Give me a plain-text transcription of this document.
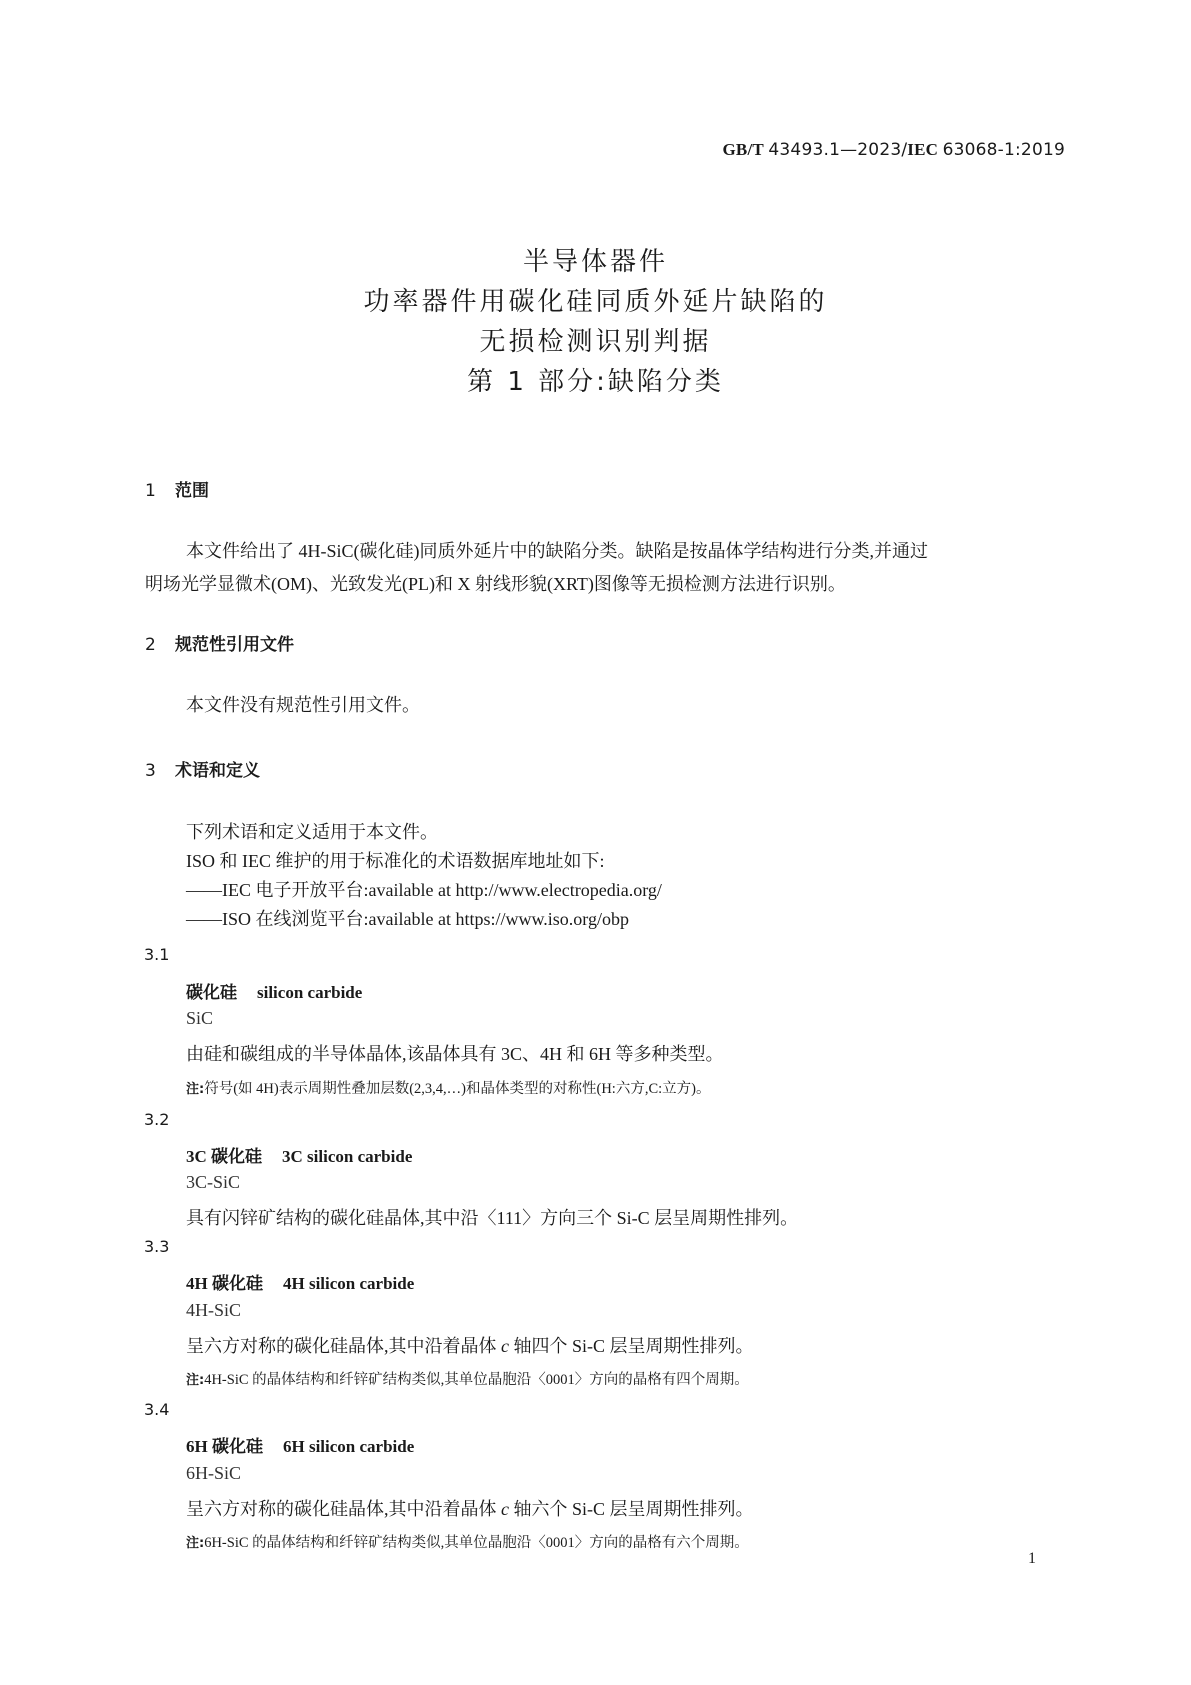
GB/T 43493.1—2023/IEC 63068-1:2019
半导体器件
功率器件用碳化硅同质外延片缺陷的
无损检测识别判据
第 1 部分:缺陷分类
1 范围
本文件给出了 4H-SiC(碳化硅)同质外延片中的缺陷分类。缺陷是按晶体学结构进行分类,并通过
明场光学显微术(OM)、光致发光(PL)和 X 射线形貌(XRT)图像等无损检测方法进行识别。
2 规范性引用文件
本文件没有规范性引用文件。
3 术语和定义
下列术语和定义适用于本文件。
ISO 和 IEC 维护的用于标准化的术语数据库地址如下:
——IEC 电子开放平台:available at http://www.electropedia.org/
——ISO 在线浏览平台:available at https://www.iso.org/obp
3.1
碳化硅 silicon carbide
SiC
由硅和碳组成的半导体晶体,该晶体具有 3C、4H 和 6H 等多种类型。
注:符号(如 4H)表示周期性叠加层数(2,3,4,…)和晶体类型的对称性(H:六方,C:立方)。
3.2
3C 碳化硅 3C silicon carbide
3C-SiC
具有闪锌矿结构的碳化硅晶体,其中沿〈111〉方向三个 Si-C 层呈周期性排列。
3.3
4H 碳化硅 4H silicon carbide
4H-SiC
呈六方对称的碳化硅晶体,其中沿着晶体 c 轴四个 Si-C 层呈周期性排列。
注:4H-SiC 的晶体结构和纤锌矿结构类似,其单位晶胞沿〈0001〉方向的晶格有四个周期。
3.4
6H 碳化硅 6H silicon carbide
6H-SiC
呈六方对称的碳化硅晶体,其中沿着晶体 c 轴六个 Si-C 层呈周期性排列。
注:6H-SiC 的晶体结构和纤锌矿结构类似,其单位晶胞沿〈0001〉方向的晶格有六个周期。
1
